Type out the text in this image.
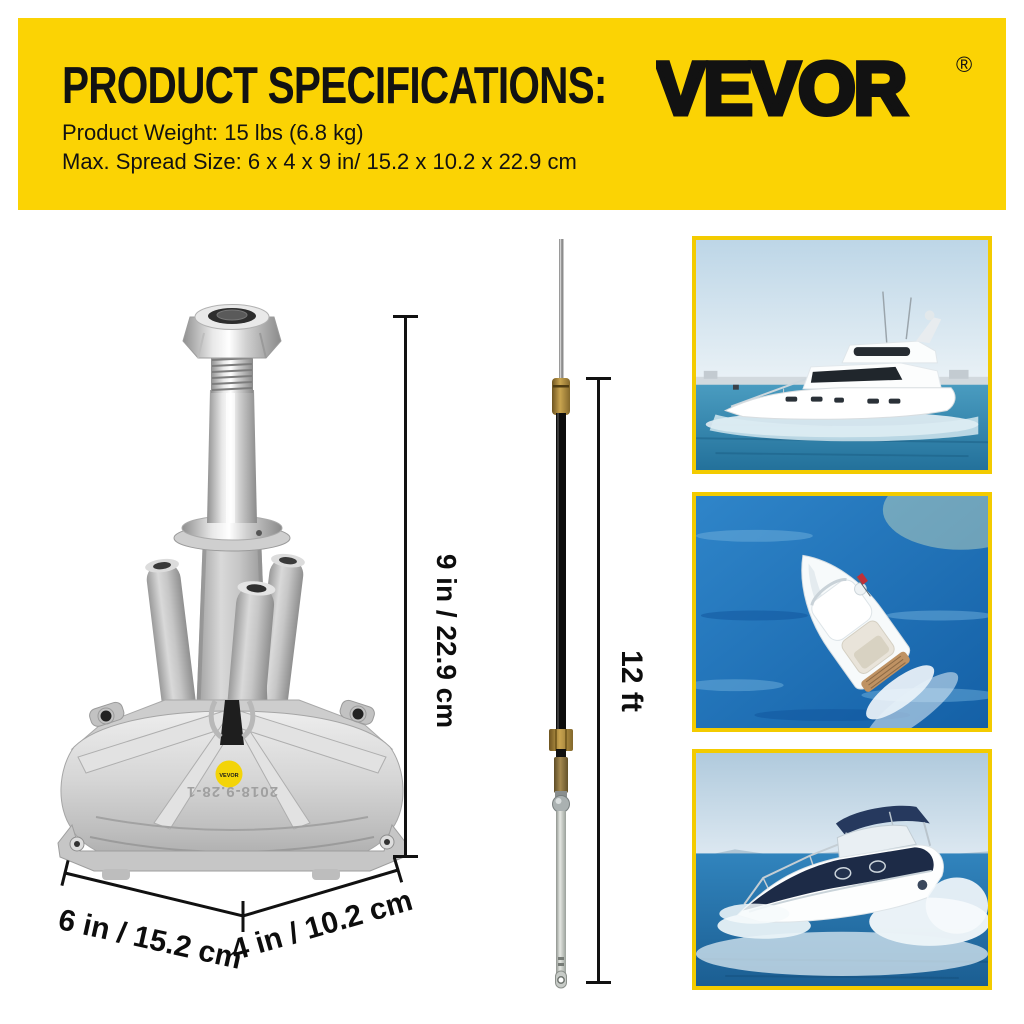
PRODUCT SPECIFICATIONS:
Product Weight: 15 lbs (6.8 kg)
Max. Spread Size: 6 x 4 x 9 in/ 15.2 x 10.2 x 22.9 cm
VEVOR ®
VEVOR
2018-9.28-1
9 in / 22.9 cm
6 in / 15.2 cm
4 in / 10.2 cm
12 ft
